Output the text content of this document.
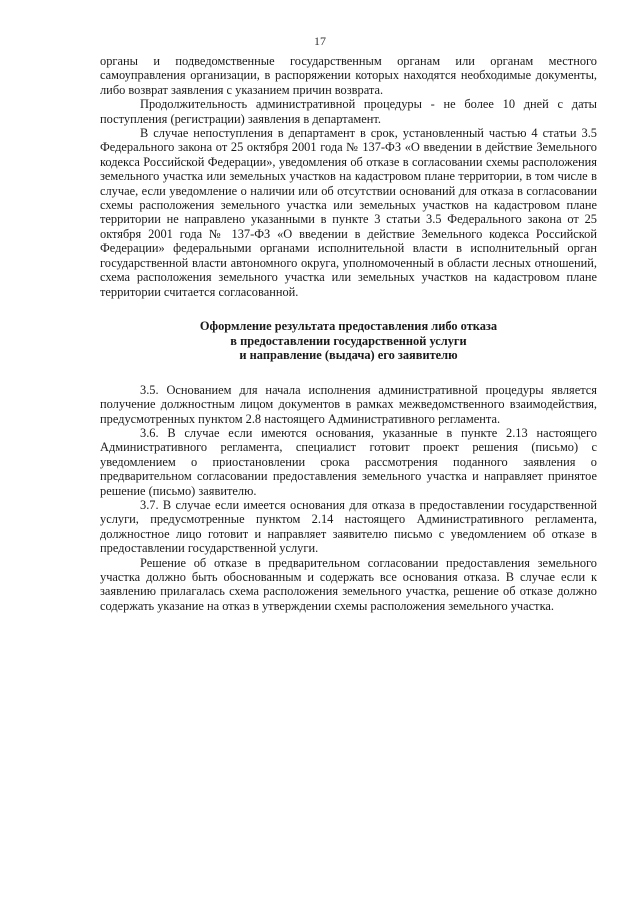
17

органы и подведомственные государственным органам или органам местного самоуправления организации, в распоряжении которых находятся необходимые документы, либо возврат заявления с указанием причин возврата.

Продолжительность административной процедуры - не более 10 дней с даты поступления (регистрации) заявления в департамент.

В случае непоступления в департамент в срок, установленный частью 4 статьи 3.5 Федерального закона от 25 октября 2001 года № 137-ФЗ «О введении в действие Земельного кодекса Российской Федерации», уведомления об отказе в согласовании схемы расположения земельного участка или земельных участков на кадастровом плане территории, в том числе в случае, если уведомление о наличии или об отсутствии оснований для отказа в согласовании схемы расположения земельного участка или земельных участков на кадастровом плане территории не направлено указанными в пункте 3 статьи 3.5 Федерального закона от 25 октября 2001 года № 137-ФЗ «О введении в действие Земельного кодекса Российской Федерации» федеральными органами исполнительной власти в исполнительный орган государственной власти автономного округа, уполномоченный в области лесных отношений, схема расположения земельного участка или земельных участков на кадастровом плане территории считается согласованной.

Оформление результата предоставления либо отказа
в предоставлении государственной услуги
и направление (выдача) его заявителю

3.5. Основанием для начала исполнения административной процедуры является получение должностным лицом документов в рамках межведомственного взаимодействия, предусмотренных пунктом 2.8 настоящего Административного регламента.

3.6. В случае если имеются основания, указанные в пункте 2.13 настоящего Административного регламента, специалист готовит проект решения (письмо) с уведомлением о приостановлении срока рассмотрения поданного заявления о предварительном согласовании предоставления земельного участка и направляет принятое решение (письмо) заявителю.

3.7. В случае если имеется основания для отказа в предоставлении государственной услуги, предусмотренные пунктом 2.14 настоящего Административного регламента, должностное лицо готовит и направляет заявителю письмо с уведомлением об отказе в предоставлении государственной услуги.

Решение об отказе в предварительном согласовании предоставления земельного участка должно быть обоснованным и содержать все основания отказа. В случае если к заявлению прилагалась схема расположения земельного участка, решение об отказе должно содержать указание на отказ в утверждении схемы расположения земельного участка.
